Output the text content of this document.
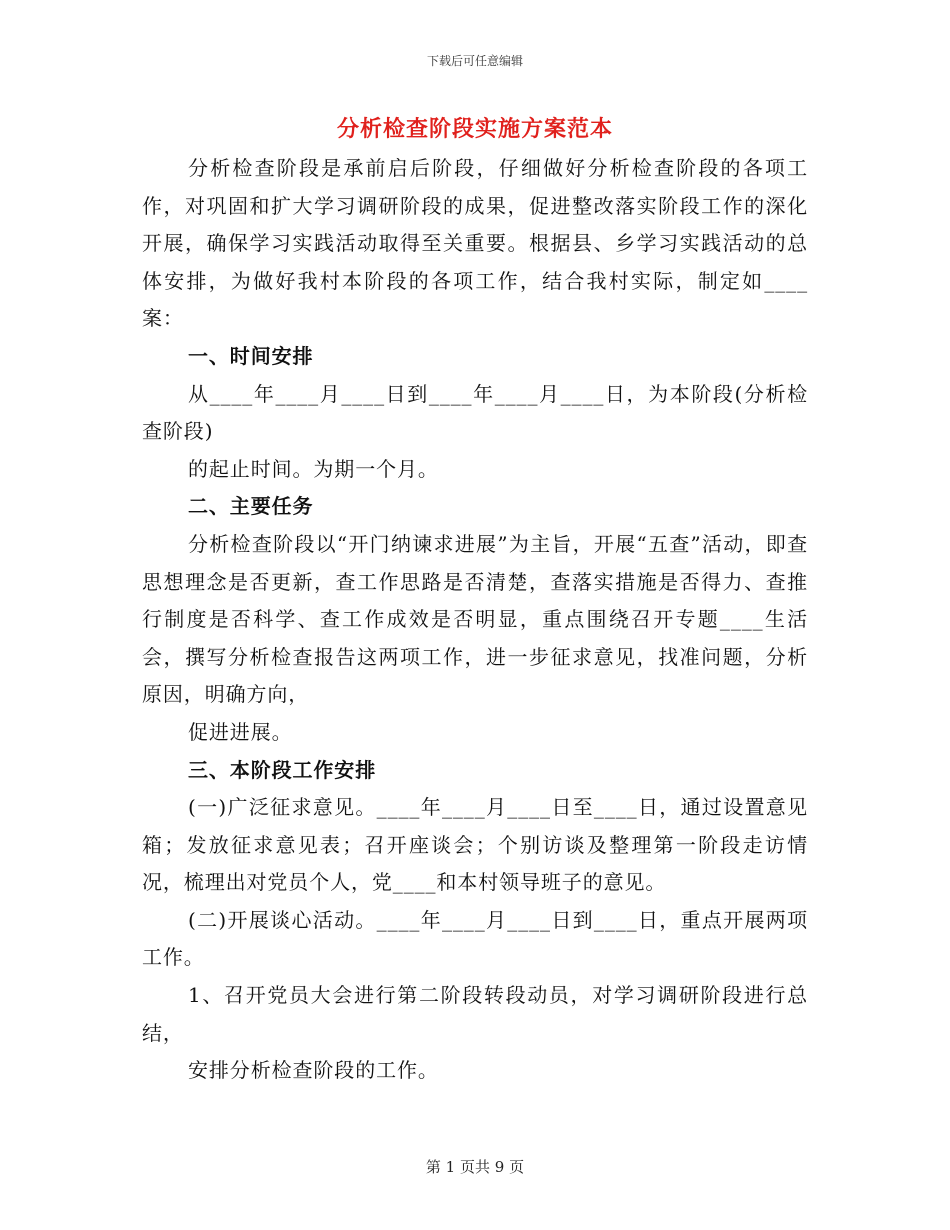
下载后可任意编辑
分析检查阶段实施方案范本

分析检查阶段是承前启后阶段，仔细做好分析检查阶段的各项工作，对巩固和扩大学习调研阶段的成果，促进整改落实阶段工作的深化开展，确保学习实践活动取得至关重要。根据县、乡学习实践活动的总体安排，为做好我村本阶段的各项工作，结合我村实际，制定如____案：

一、时间安排

从____年____月____日到____年____月____日，为本阶段(分析检查阶段)

的起止时间。为期一个月。

二、主要任务

分析检查阶段以“开门纳谏求进展”为主旨，开展“五查”活动，即查思想理念是否更新，查工作思路是否清楚，查落实措施是否得力、查推行制度是否科学、查工作成效是否明显，重点围绕召开专题____生活会，撰写分析检查报告这两项工作，进一步征求意见，找准问题，分析原因，明确方向，

促进进展。

三、本阶段工作安排

(一)广泛征求意见。____年____月____日至____日，通过设置意见箱；发放征求意见表；召开座谈会；个别访谈及整理第一阶段走访情况，梳理出对党员个人，党____和本村领导班子的意见。

(二)开展谈心活动。____年____月____日到____日，重点开展两项工作。

1、召开党员大会进行第二阶段转段动员，对学习调研阶段进行总结，

安排分析检查阶段的工作。

第 1 页共 9 页
